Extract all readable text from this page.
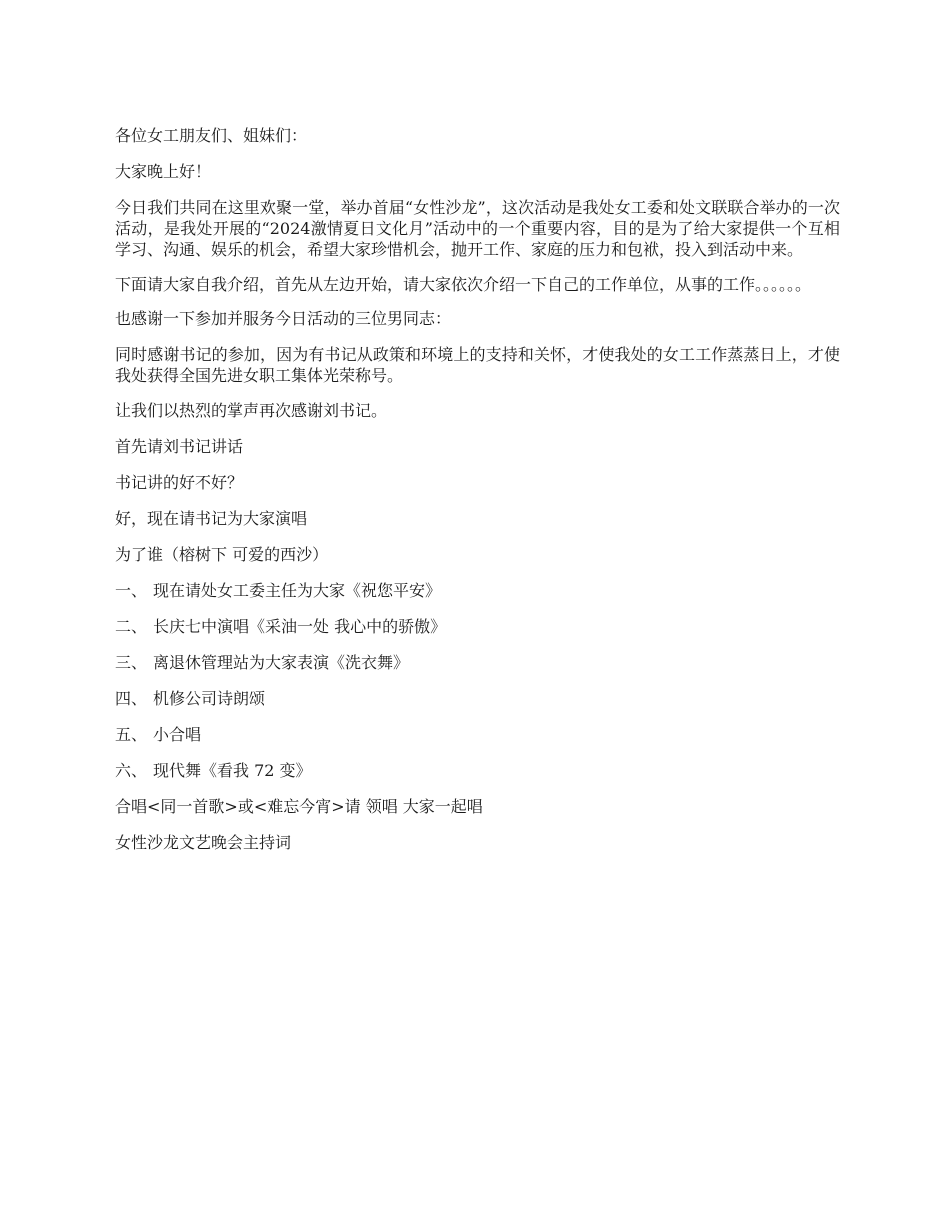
各位女工朋友们、姐妹们：

大家晚上好！

今日我们共同在这里欢聚一堂，举办首届“女性沙龙”，这次活动是我处女工委和处文联联合举办的一次活动，是我处开展的“2024激情夏日文化月”活动中的一个重要内容，目的是为了给大家提供一个互相学习、沟通、娱乐的机会，希望大家珍惜机会，抛开工作、家庭的压力和包袱，投入到活动中来。

下面请大家自我介绍，首先从左边开始，请大家依次介绍一下自己的工作单位，从事的工作。。。。。。

也感谢一下参加并服务今日活动的三位男同志：

同时感谢书记的参加，因为有书记从政策和环境上的支持和关怀，才使我处的女工工作蒸蒸日上，才使我处获得全国先进女职工集体光荣称号。

让我们以热烈的掌声再次感谢刘书记。

首先请刘书记讲话

书记讲的好不好？

好，现在请书记为大家演唱

为了谁（榕树下 可爱的西沙）

一、 现在请处女工委主任为大家《祝您平安》
二、 长庆七中演唱《采油一处 我心中的骄傲》
三、 离退休管理站为大家表演《洗衣舞》
四、 机修公司诗朗颂
五、 小合唱
六、 现代舞《看我 72 变》

合唱<同一首歌>或<难忘今宵>请 领唱 大家一起唱

女性沙龙文艺晚会主持词
